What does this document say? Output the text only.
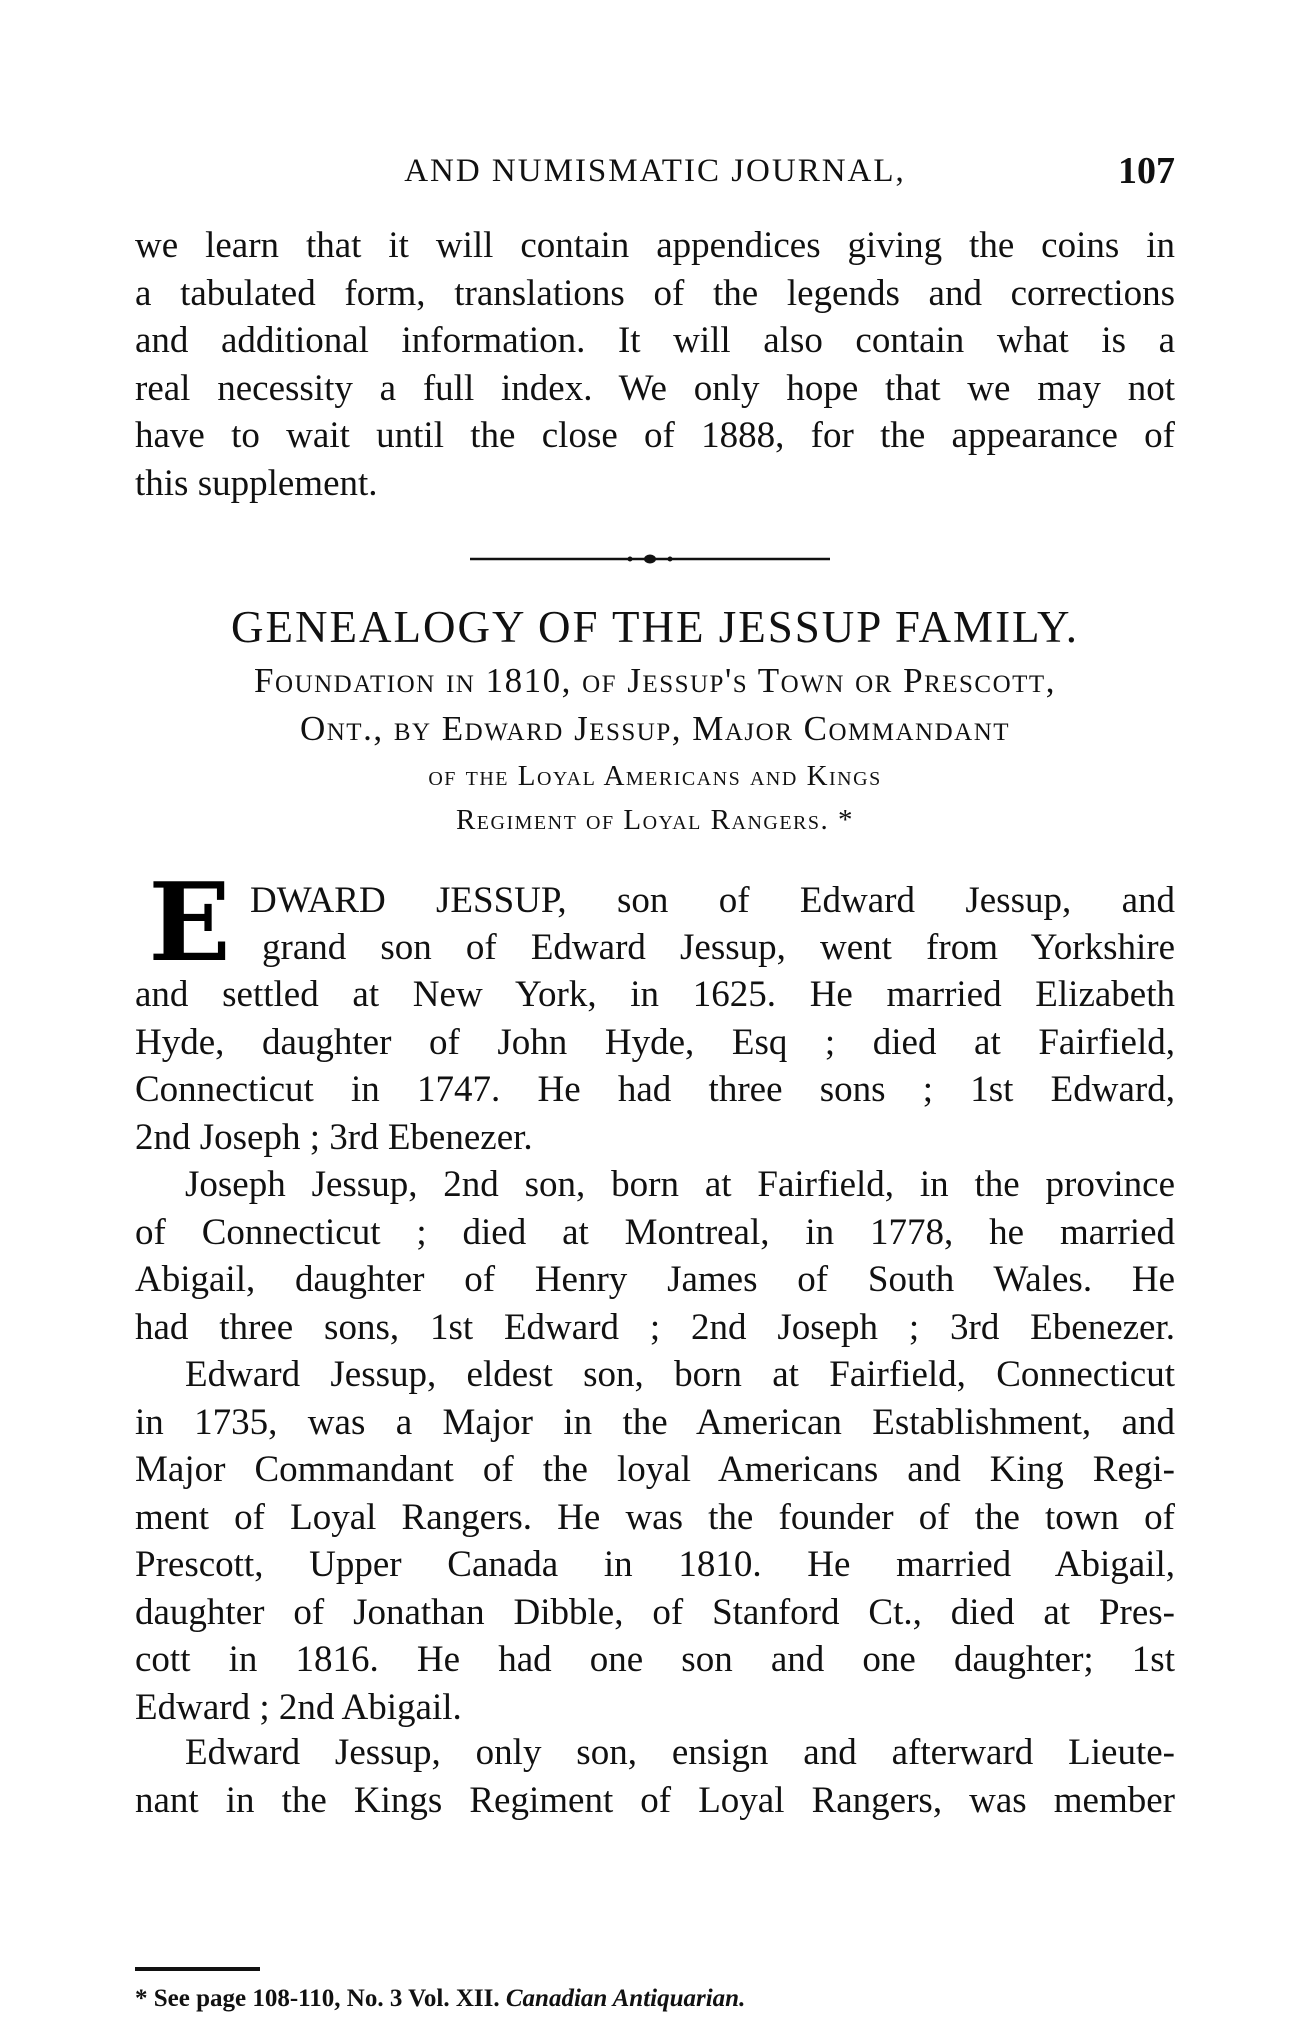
AND NUMISMATIC JOURNAL,	107
we learn that it will contain appendices giving the coins in
a tabulated form, translations of the legends and corrections
and additional information. It will also contain what is a
real necessity a full index. We only hope that we may not
have to wait until the close of 1888, for the appearance of
this supplement.
GENEALOGY OF THE JESSUP FAMILY.
Foundation in 1810, of Jessup's Town or Prescott,
Ont., by Edward Jessup, Major Commandant
of the Loyal Americans and Kings
Regiment of Loyal Rangers. *
E DWARD JESSUP, son of Edward Jessup, and
grand son of Edward Jessup, went from Yorkshire
and settled at New York, in 1625. He married Elizabeth
Hyde, daughter of John Hyde, Esq ; died at Fairfield,
Connecticut in 1747. He had three sons ; 1st Edward,
2nd Joseph ; 3rd Ebenezer.
Joseph Jessup, 2nd son, born at Fairfield, in the province
of Connecticut ; died at Montreal, in 1778, he married
Abigail, daughter of Henry James of South Wales. He
had three sons, 1st Edward ; 2nd Joseph ; 3rd Ebenezer.
Edward Jessup, eldest son, born at Fairfield, Connecticut
in 1735, was a Major in the American Establishment, and
Major Commandant of the loyal Americans and King Regi-
ment of Loyal Rangers. He was the founder of the town of
Prescott, Upper Canada in 1810. He married Abigail,
daughter of Jonathan Dibble, of Stanford Ct., died at Pres-
cott in 1816. He had one son and one daughter; 1st
Edward ; 2nd Abigail.
Edward Jessup, only son, ensign and afterward Lieute-
nant in the Kings Regiment of Loyal Rangers, was member
* See page 108-110, No. 3 Vol. XII. Canadian Antiquarian.
